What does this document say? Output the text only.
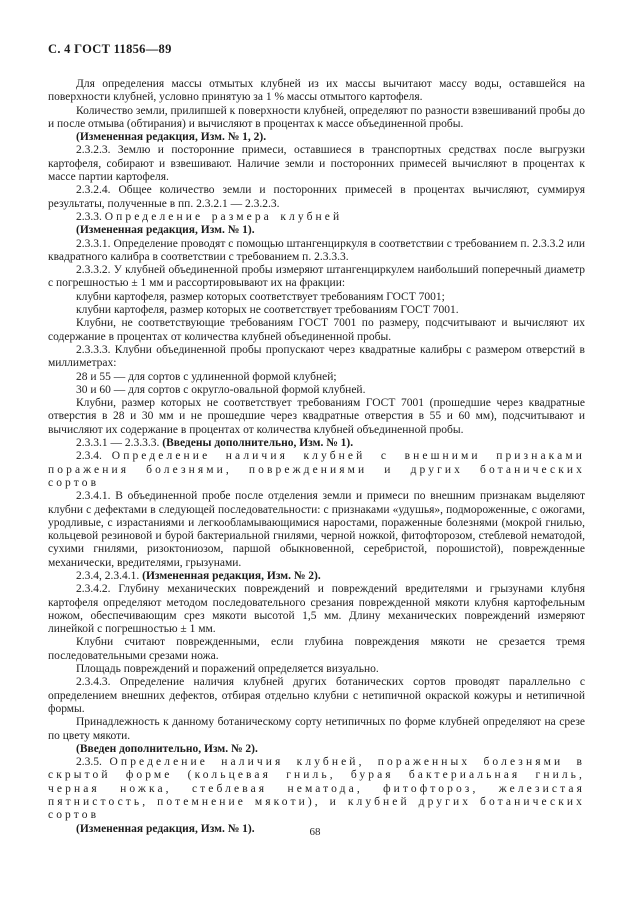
С. 4 ГОСТ 11856—89

Для определения массы отмытых клубней из их массы вычитают массу воды, оставшейся на поверхности клубней, условно принятую за 1 % массы отмытого картофеля.

Количество земли, прилипшей к поверхности клубней, определяют по разности взвешиваний пробы до и после отмыва (обтирания) и вычисляют в процентах к массе объединенной пробы.

(Измененная редакция, Изм. № 1, 2).

2.3.2.3. Землю и посторонние примеси, оставшиеся в транспортных средствах после выгрузки картофеля, собирают и взвешивают. Наличие земли и посторонних примесей вычисляют в процентах к массе партии картофеля.

2.3.2.4. Общее количество земли и посторонних примесей в процентах вычисляют, суммируя результаты, полученные в пп. 2.3.2.1 — 2.3.2.3.

2.3.3. Определение размера клубней

(Измененная редакция, Изм. № 1).

2.3.3.1. Определение проводят с помощью штангенциркуля в соответствии с требованием п. 2.3.3.2 или квадратного калибра в соответствии с требованием п. 2.3.3.3.

2.3.3.2. У клубней объединенной пробы измеряют штангенциркулем наибольший поперечный диаметр с погрешностью ± 1 мм и рассортировывают их на фракции:

клубни картофеля, размер которых соответствует требованиям ГОСТ 7001;

клубни картофеля, размер которых не соответствует требованиям ГОСТ 7001.

Клубни, не соответствующие требованиям ГОСТ 7001 по размеру, подсчитывают и вычисляют их содержание в процентах от количества клубней объединенной пробы.

2.3.3.3. Клубни объединенной пробы пропускают через квадратные калибры с размером отверстий в миллиметрах:

28 и 55 — для сортов с удлиненной формой клубней;

30 и 60 — для сортов с округло-овальной формой клубней.

Клубни, размер которых не соответствует требованиям ГОСТ 7001 (прошедшие через квадратные отверстия в 28 и 30 мм и не прошедшие через квадратные отверстия в 55 и 60 мм), подсчитывают и вычисляют их содержание в процентах от количества клубней объединенной пробы.

2.3.3.1 — 2.3.3.3. (Введены дополнительно, Изм. № 1).

2.3.4. Определение наличия клубней с внешними признаками поражения болезнями, повреждениями и других ботанических сортов

2.3.4.1. В объединенной пробе после отделения земли и примеси по внешним признакам выделяют клубни с дефектами в следующей последовательности: с признаками «удушья», подмороженные, с ожогами, уродливые, с израстаниями и легкообламывающимися наростами, пораженные болезнями (мокрой гнилью, кольцевой резиновой и бурой бактериальной гнилями, черной ножкой, фитофторозом, стеблевой нематодой, сухими гнилями, ризоктониозом, паршой обыкновенной, серебристой, порошистой), поврежденные механически, вредителями, грызунами.

2.3.4, 2.3.4.1. (Измененная редакция, Изм. № 2).

2.3.4.2. Глубину механических повреждений и повреждений вредителями и грызунами клубня картофеля определяют методом последовательного срезания поврежденной мякоти клубня картофельным ножом, обеспечивающим срез мякоти высотой 1,5 мм. Длину механических повреждений измеряют линейкой с погрешностью ± 1 мм.

Клубни считают поврежденными, если глубина повреждения мякоти не срезается тремя последовательными срезами ножа.

Площадь повреждений и поражений определяется визуально.

2.3.4.3. Определение наличия клубней других ботанических сортов проводят параллельно с определением внешних дефектов, отбирая отдельно клубни с нетипичной окраской кожуры и нетипичной формы.

Принадлежность к данному ботаническому сорту нетипичных по форме клубней определяют на срезе по цвету мякоти.

(Введен дополнительно, Изм. № 2).

2.3.5. Определение наличия клубней, пораженных болезнями в скрытой форме (кольцевая гниль, бурая бактериальная гниль, черная ножка, стеблевая нематода, фитофтороз, железистая пятнистость, потемнение мякоти), и клубней других ботанических сортов

(Измененная редакция, Изм. № 1).	68
